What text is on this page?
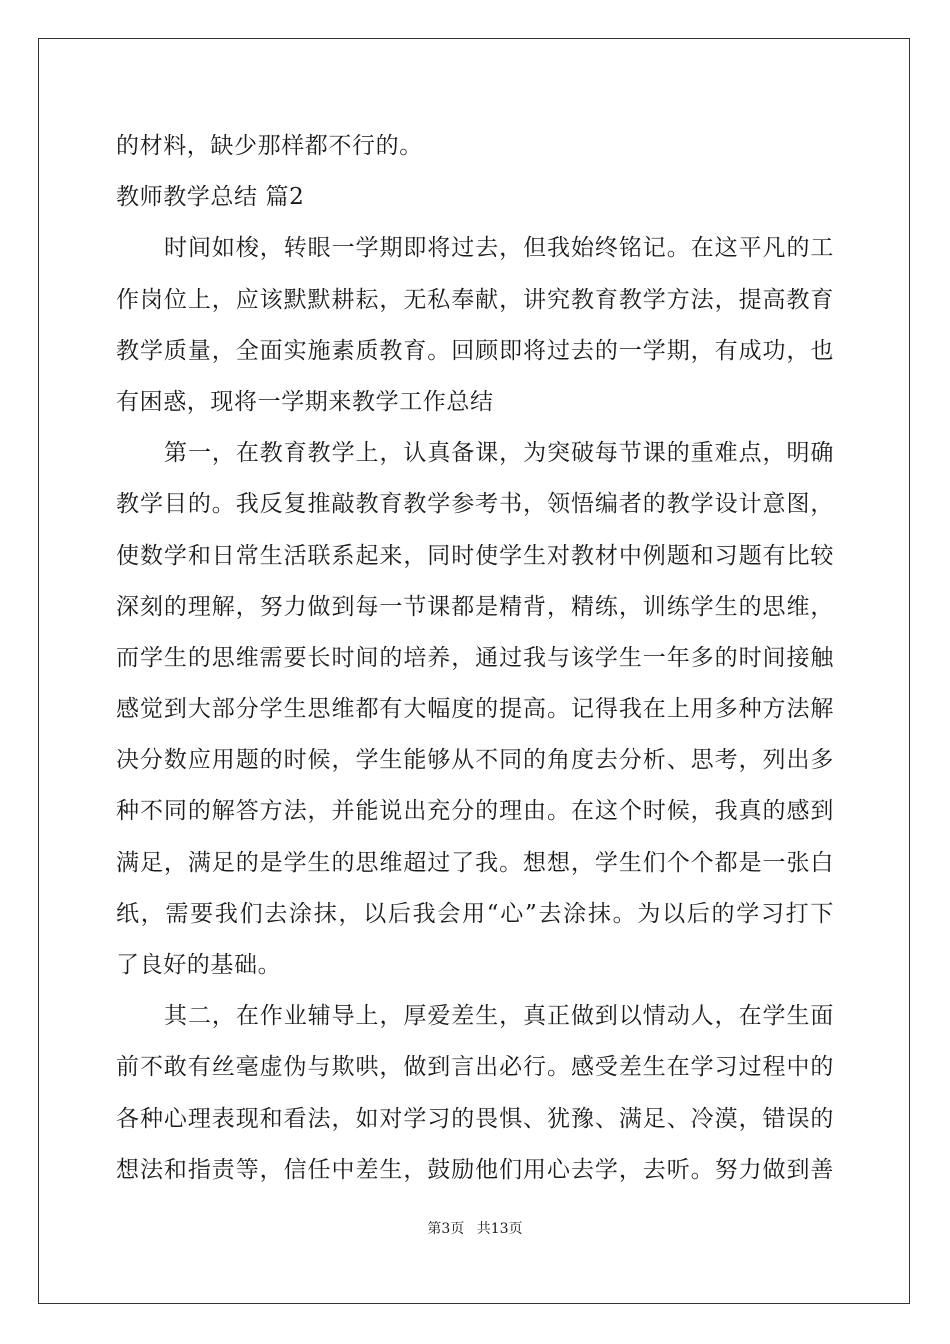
的材料，缺少那样都不行的。
教师教学总结 篇2
时间如梭，转眼一学期即将过去，但我始终铭记。在这平凡的工
作岗位上，应该默默耕耘，无私奉献，讲究教育教学方法，提高教育
教学质量，全面实施素质教育。回顾即将过去的一学期，有成功，也
有困惑，现将一学期来教学工作总结
第一，在教育教学上，认真备课，为突破每节课的重难点，明确
教学目的。我反复推敲教育教学参考书，领悟编者的教学设计意图，
使数学和日常生活联系起来，同时使学生对教材中例题和习题有比较
深刻的理解，努力做到每一节课都是精背，精练，训练学生的思维，
而学生的思维需要长时间的培养，通过我与该学生一年多的时间接触
感觉到大部分学生思维都有大幅度的提高。记得我在上用多种方法解
决分数应用题的时候，学生能够从不同的角度去分析、思考，列出多
种不同的解答方法，并能说出充分的理由。在这个时候，我真的感到
满足，满足的是学生的思维超过了我。想想，学生们个个都是一张白
纸，需要我们去涂抹，以后我会用“心”去涂抹。为以后的学习打下
了良好的基础。
其二，在作业辅导上，厚爱差生，真正做到以情动人，在学生面
前不敢有丝毫虚伪与欺哄，做到言出必行。感受差生在学习过程中的
各种心理表现和看法，如对学习的畏惧、犹豫、满足、冷漠，错误的
想法和指责等，信任中差生，鼓励他们用心去学，去听。努力做到善
第3页 共13页
